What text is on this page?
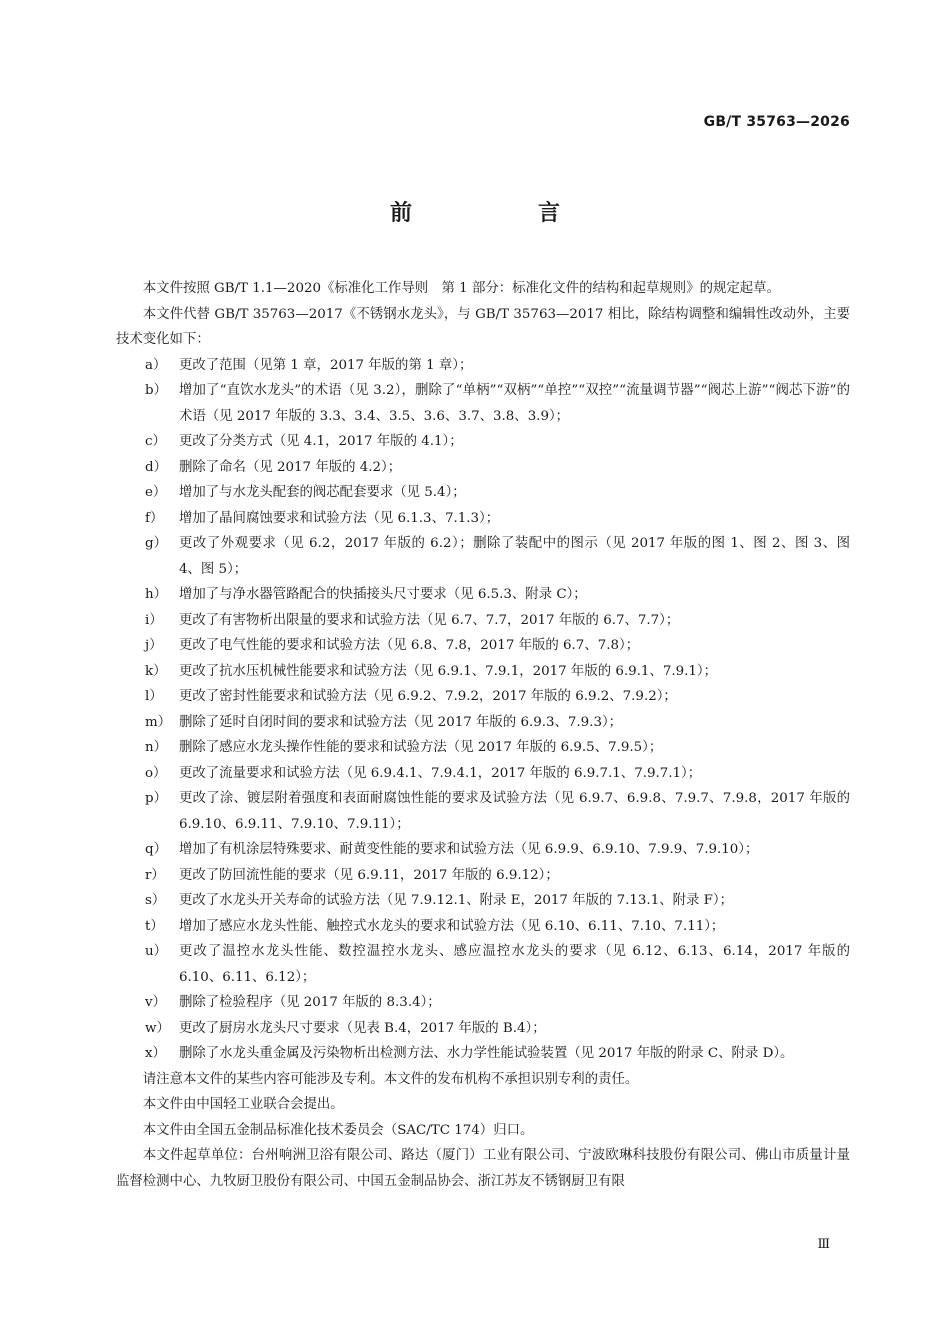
GB/T 35763—2026
前　言

本文件按照 GB/T 1.1—2020《标准化工作导则　第 1 部分：标准化文件的结构和起草规则》的规定起草。

本文件代替 GB/T 35763—2017《不锈钢水龙头》，与 GB/T 35763—2017 相比，除结构调整和编辑性改动外，主要技术变化如下：

a） 更改了范围（见第 1 章，2017 年版的第 1 章）；
b） 增加了“直饮水龙头”的术语（见 3.2），删除了“单柄”“双柄”“单控”“双控”“流量调节器”“阀芯上游”“阀芯下游”的术语（见 2017 年版的 3.3、3.4、3.5、3.6、3.7、3.8、3.9）；
c） 更改了分类方式（见 4.1，2017 年版的 4.1）；
d） 删除了命名（见 2017 年版的 4.2）；
e） 增加了与水龙头配套的阀芯配套要求（见 5.4）；
f） 增加了晶间腐蚀要求和试验方法（见 6.1.3、7.1.3）；
g） 更改了外观要求（见 6.2，2017 年版的 6.2）；删除了装配中的图示（见 2017 年版的图 1、图 2、图 3、图 4、图 5）；
h） 增加了与净水器管路配合的快插接头尺寸要求（见 6.5.3、附录 C）；
i） 更改了有害物析出限量的要求和试验方法（见 6.7、7.7，2017 年版的 6.7、7.7）；
j） 更改了电气性能的要求和试验方法（见 6.8、7.8，2017 年版的 6.7、7.8）；
k） 更改了抗水压机械性能要求和试验方法（见 6.9.1、7.9.1，2017 年版的 6.9.1、7.9.1）；
l） 更改了密封性能要求和试验方法（见 6.9.2、7.9.2，2017 年版的 6.9.2、7.9.2）；
m） 删除了延时自闭时间的要求和试验方法（见 2017 年版的 6.9.3、7.9.3）；
n） 删除了感应水龙头操作性能的要求和试验方法（见 2017 年版的 6.9.5、7.9.5）；
o） 更改了流量要求和试验方法（见 6.9.4.1、7.9.4.1，2017 年版的 6.9.7.1、7.9.7.1）；
p） 更改了涂、镀层附着强度和表面耐腐蚀性能的要求及试验方法（见 6.9.7、6.9.8、7.9.7、7.9.8，2017 年版的 6.9.10、6.9.11、7.9.10、7.9.11）；
q） 增加了有机涂层特殊要求、耐黄变性能的要求和试验方法（见 6.9.9、6.9.10、7.9.9、7.9.10）；
r） 更改了防回流性能的要求（见 6.9.11，2017 年版的 6.9.12）；
s） 更改了水龙头开关寿命的试验方法（见 7.9.12.1、附录 E，2017 年版的 7.13.1、附录 F）；
t） 增加了感应水龙头性能、触控式水龙头的要求和试验方法（见 6.10、6.11、7.10、7.11）；
u） 更改了温控水龙头性能、数控温控水龙头、感应温控水龙头的要求（见 6.12、6.13、6.14，2017 年版的 6.10、6.11、6.12）；
v） 删除了检验程序（见 2017 年版的 8.3.4）；
w） 更改了厨房水龙头尺寸要求（见表 B.4，2017 年版的 B.4）；
x） 删除了水龙头重金属及污染物析出检测方法、水力学性能试验装置（见 2017 年版的附录 C、附录 D）。

请注意本文件的某些内容可能涉及专利。本文件的发布机构不承担识别专利的责任。

本文件由中国轻工业联合会提出。

本文件由全国五金制品标准化技术委员会（SAC/TC 174）归口。

本文件起草单位：台州响洲卫浴有限公司、路达（厦门）工业有限公司、宁波欧琳科技股份有限公司、佛山市质量计量监督检测中心、九牧厨卫股份有限公司、中国五金制品协会、浙江苏友不锈钢厨卫有限

Ⅲ
